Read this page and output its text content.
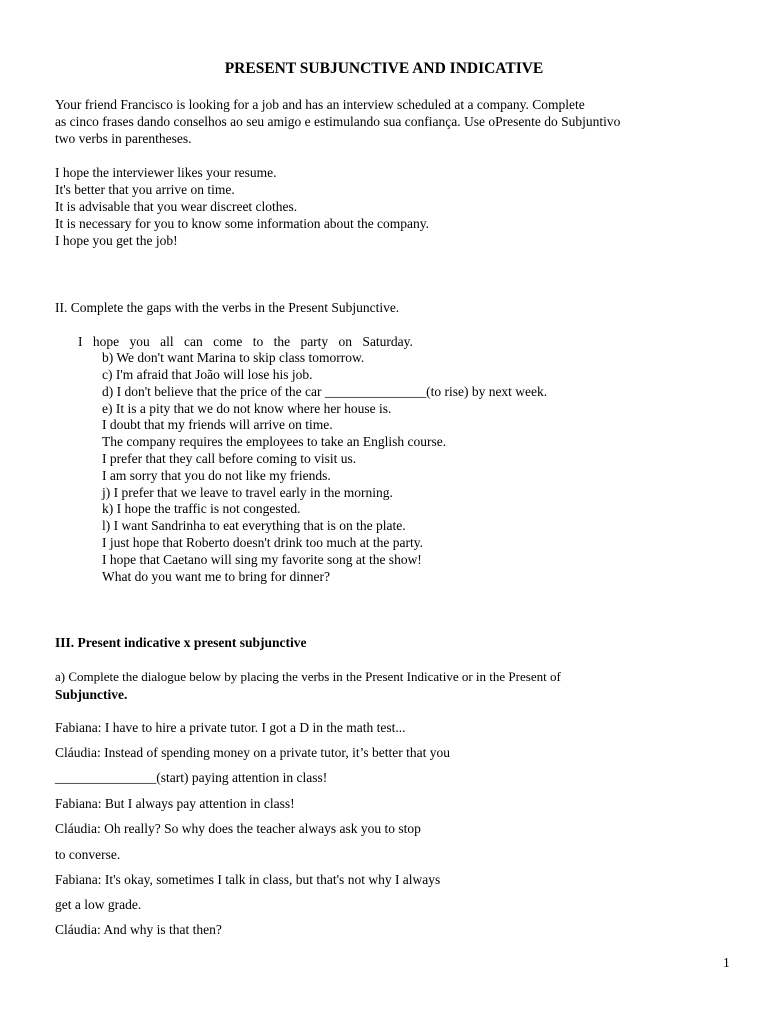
PRESENT SUBJUNCTIVE AND INDICATIVE
Your friend Francisco is looking for a job and has an interview scheduled at a company. Complete
as cinco frases dando conselhos ao seu amigo e estimulando sua confiança. Use oPresente do Subjuntivo
two verbs in parentheses.
I hope the interviewer likes your resume.
It's better that you arrive on time.
It is advisable that you wear discreet clothes.
It is necessary for you to know some information about the company.
I hope you get the job!
II. Complete the gaps with the verbs in the Present Subjunctive.
I hope you all can come to the party on Saturday.
b) We don't want Marina to skip class tomorrow.
c) I'm afraid that João will lose his job.
d) I don't believe that the price of the car _______________(to rise) by next week.
e) It is a pity that we do not know where her house is.
I doubt that my friends will arrive on time.
The company requires the employees to take an English course.
I prefer that they call before coming to visit us.
I am sorry that you do not like my friends.
j) I prefer that we leave to travel early in the morning.
k) I hope the traffic is not congested.
l) I want Sandrinha to eat everything that is on the plate.
I just hope that Roberto doesn't drink too much at the party.
I hope that Caetano will sing my favorite song at the show!
What do you want me to bring for dinner?
III. Present indicative x present subjunctive
a) Complete the dialogue below by placing the verbs in the Present Indicative or in the Present of
Subjunctive.
Fabiana: I have to hire a private tutor. I got a D in the math test...
Cláudia: Instead of spending money on a private tutor, it’s better that you
_______________(start) paying attention in class!
Fabiana: But I always pay attention in class!
Cláudia: Oh really? So why does the teacher always ask you to stop
to converse.
Fabiana: It's okay, sometimes I talk in class, but that's not why I always
get a low grade.
Cláudia: And why is that then?
1
